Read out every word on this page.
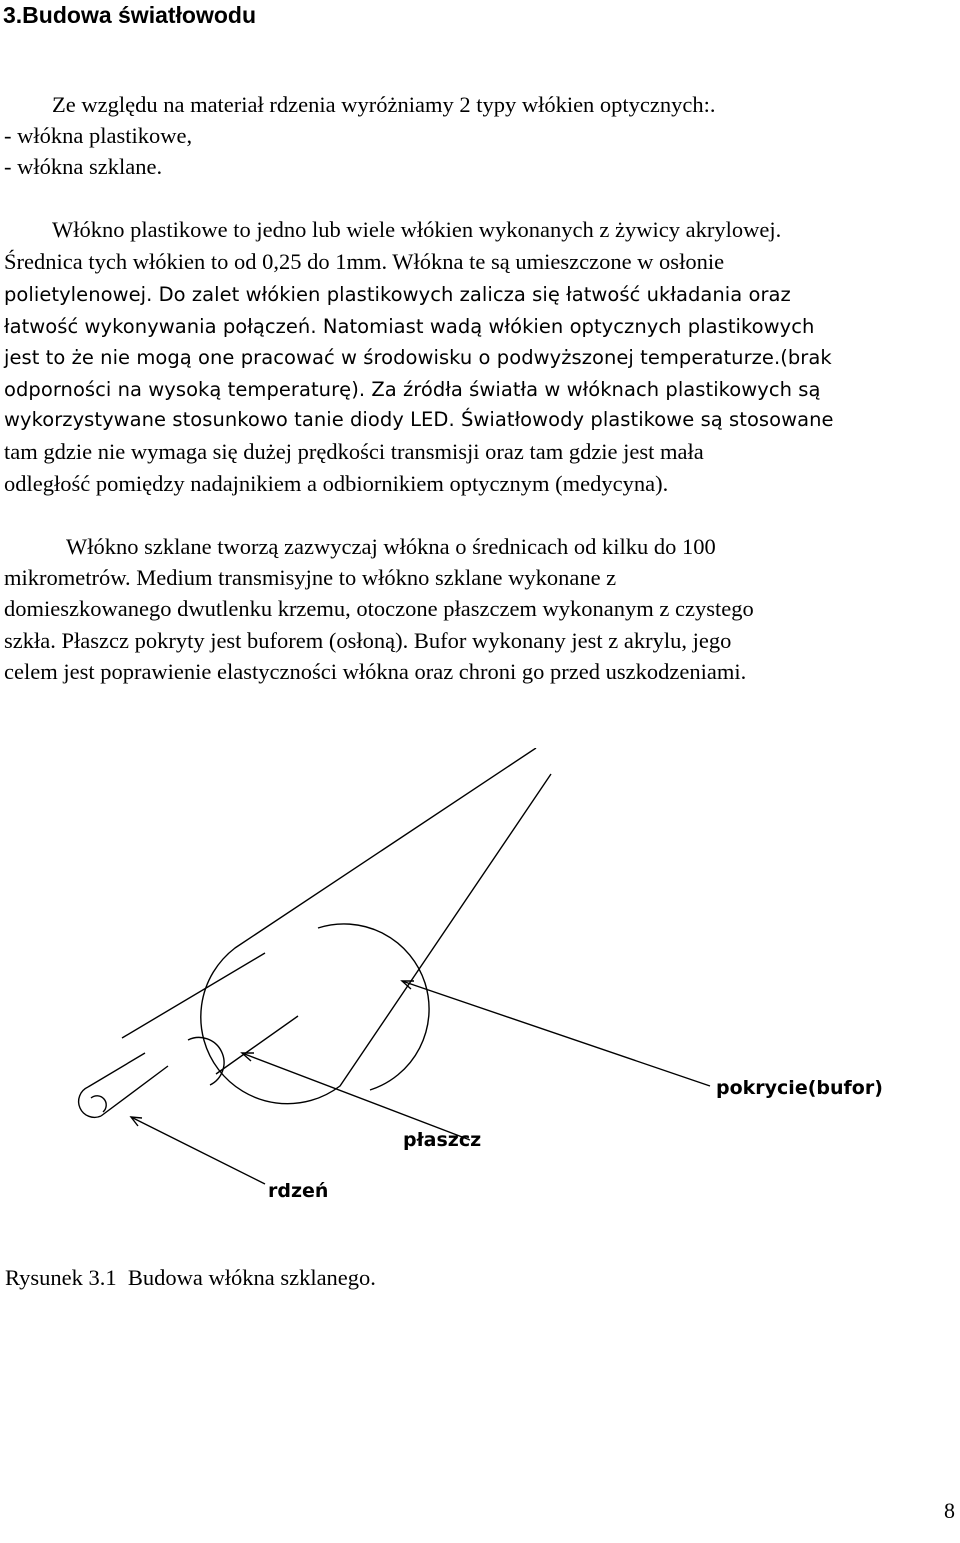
3.Budowa światłowodu
Ze względu na materiał rdzenia wyróżniamy 2 typy włókien optycznych:.
- włókna plastikowe,
- włókna szklane.
Włókno plastikowe to jedno lub wiele włókien wykonanych z żywicy akrylowej.
Średnica tych włókien to od 0,25 do 1mm. Włókna te są umieszczone w osłonie
polietylenowej. Do zalet włókien plastikowych zalicza się łatwość układania oraz
łatwość wykonywania połączeń. Natomiast wadą włókien optycznych plastikowych
jest to że nie mogą one pracować w środowisku o podwyższonej temperaturze.(brak
odporności na wysoką temperaturę). Za źródła światła w włóknach plastikowych są
wykorzystywane stosunkowo tanie diody LED. Światłowody plastikowe są stosowane
tam gdzie nie wymaga się dużej prędkości transmisji oraz tam gdzie jest mała
odległość pomiędzy nadajnikiem a odbiornikiem optycznym (medycyna).
Włókno szklane tworzą zazwyczaj włókna o średnicach od kilku do 100
mikrometrów. Medium transmisyjne to włókno szklane wykonane z
domieszkowanego dwutlenku krzemu, otoczone płaszczem wykonanym z czystego
szkła. Płaszcz pokryty jest buforem (osłoną). Bufor wykonany jest z akrylu, jego
celem jest poprawienie elastyczności włókna oraz chroni go przed uszkodzeniami.
pokrycie(bufor)
płaszcz
rdzeń
Rysunek 3.1  Budowa włókna szklanego.
8
